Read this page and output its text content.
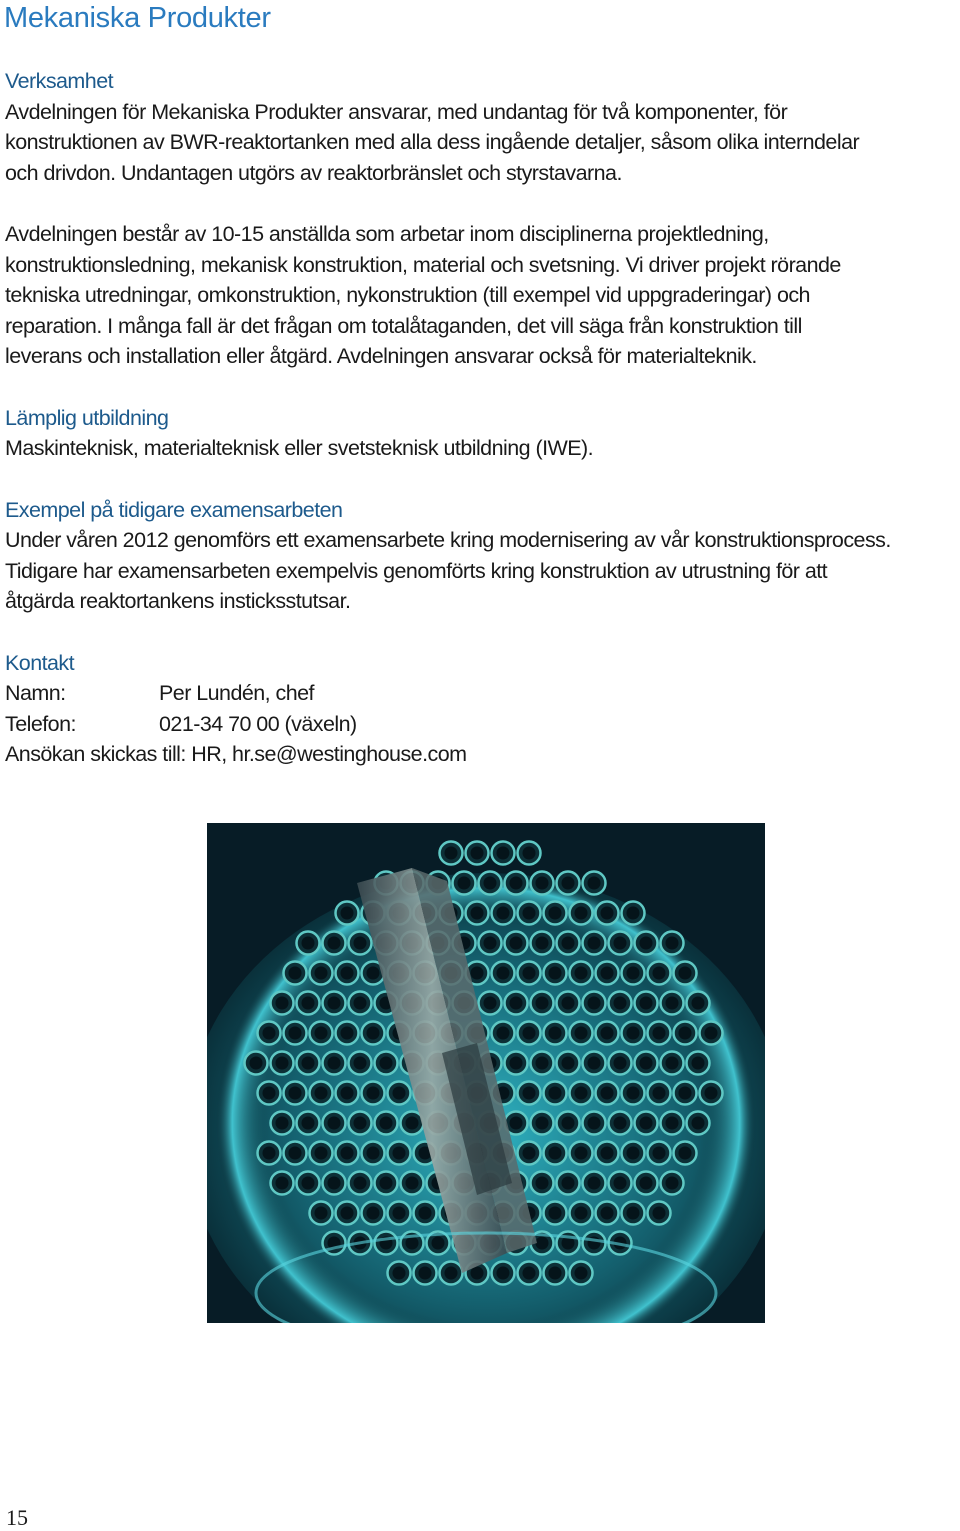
Mekaniska Produkter
Verksamhet

Avdelningen för Mekaniska Produkter ansvarar, med undantag för två komponenter, för
konstruktionen av BWR-reaktortanken med alla dess ingående detaljer, såsom olika interndelar
och drivdon. Undantagen utgörs av reaktorbränslet och styrstavarna.

Avdelningen består av 10-15 anställda som arbetar inom disciplinerna projektledning,
konstruktionsledning, mekanisk konstruktion, material och svetsning. Vi driver projekt rörande
tekniska utredningar, omkonstruktion, nykonstruktion (till exempel vid uppgraderingar) och
reparation. I många fall är det frågan om totalåtaganden, det vill säga från konstruktion till
leverans och installation eller åtgärd. Avdelningen ansvarar också för materialteknik.

Lämplig utbildning

Maskinteknisk, materialteknisk eller svetsteknisk utbildning (IWE).

Exempel på tidigare examensarbeten

Under våren 2012 genomförs ett examensarbete kring modernisering av vår konstruktionsprocess.
Tidigare har examensarbeten exempelvis genomförts kring konstruktion av utrustning för att
åtgärda reaktortankens insticksstutsar.

Kontakt
Namn:	Per Lundén, chef
Telefon:	021-34 70 00 (växeln)

Ansökan skickas till: HR, hr.se@westinghouse.com

15
